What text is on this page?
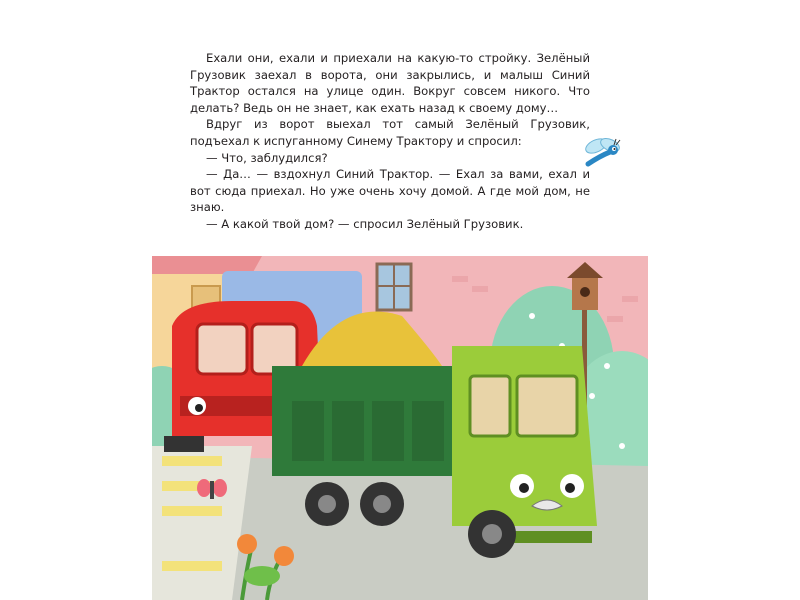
Ехали они, ехали и приехали на какую-то стройку. Зелёный Грузовик заехал в ворота, они закрылись, и малыш Синий Трактор остался на улице один. Вокруг совсем никого. Что делать? Ведь он не знает, как ехать назад к своему дому…

Вдруг из ворот выехал тот самый Зелёный Грузовик, подъехал к испуганному Синему Трактору и спросил:

— Что, заблудился?

— Да… — вздохнул Синий Трактор. — Ехал за вами, ехал и вот сюда приехал. Но уже очень хочу домой. А где мой дом, не знаю.

— А какой твой дом? — спросил Зелёный Грузовик.
